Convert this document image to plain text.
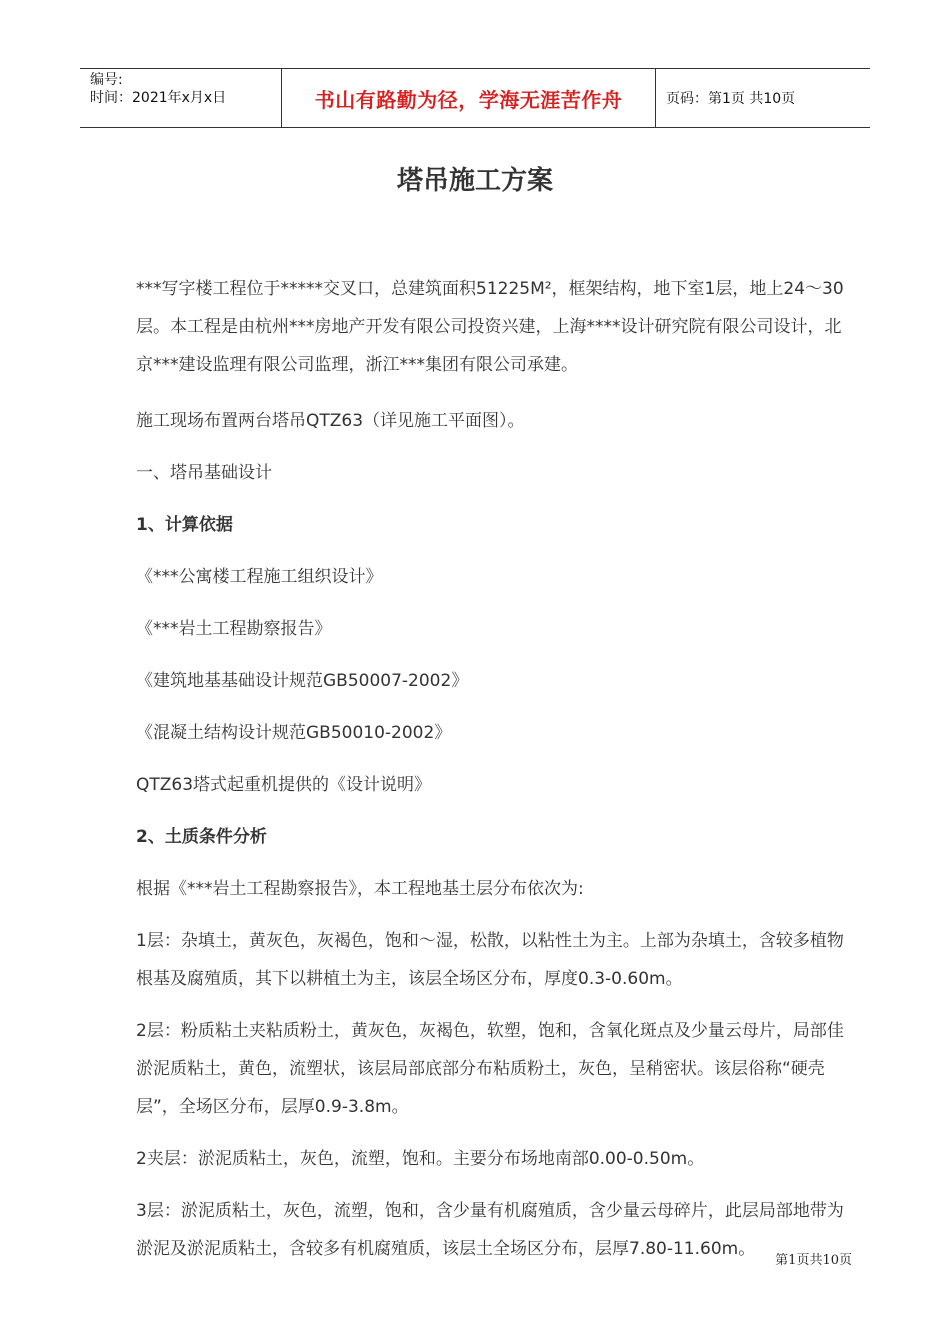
编号:
时间：2021年x月x日	书山有路勤为径，学海无涯苦作舟	页码：第1页 共10页
塔吊施工方案

***写字楼工程位于*****交叉口，总建筑面积51225M²，框架结构，地下室1层，地上24～30层。本工程是由杭州***房地产开发有限公司投资兴建，上海****设计研究院有限公司设计，北京***建设监理有限公司监理，浙江***集团有限公司承建。

施工现场布置两台塔吊QTZ63（详见施工平面图）。

一、塔吊基础设计

1、计算依据

《***公寓楼工程施工组织设计》

《***岩土工程勘察报告》

《建筑地基基础设计规范GB50007-2002》

《混凝土结构设计规范GB50010-2002》

QTZ63塔式起重机提供的《设计说明》

2、土质条件分析

根据《***岩土工程勘察报告》，本工程地基土层分布依次为:

1层：杂填土，黄灰色，灰褐色，饱和～湿，松散，以粘性土为主。上部为杂填土，含较多植物根基及腐殖质，其下以耕植土为主，该层全场区分布，厚度0.3-0.60m。

2层：粉质粘土夹粘质粉土，黄灰色，灰褐色，软塑，饱和，含氧化斑点及少量云母片，局部佳淤泥质粘土，黄色，流塑状，该层局部底部分布粘质粉土，灰色，呈稍密状。该层俗称“硬壳层”，全场区分布，层厚0.9-3.8m。

2夹层：淤泥质粘土，灰色，流塑，饱和。主要分布场地南部0.00-0.50m。

3层：淤泥质粘土，灰色，流塑，饱和，含少量有机腐殖质，含少量云母碎片，此层局部地带为淤泥及淤泥质粘土，含较多有机腐殖质，该层土全场区分布，层厚7.80-11.60m。

第1页共10页
